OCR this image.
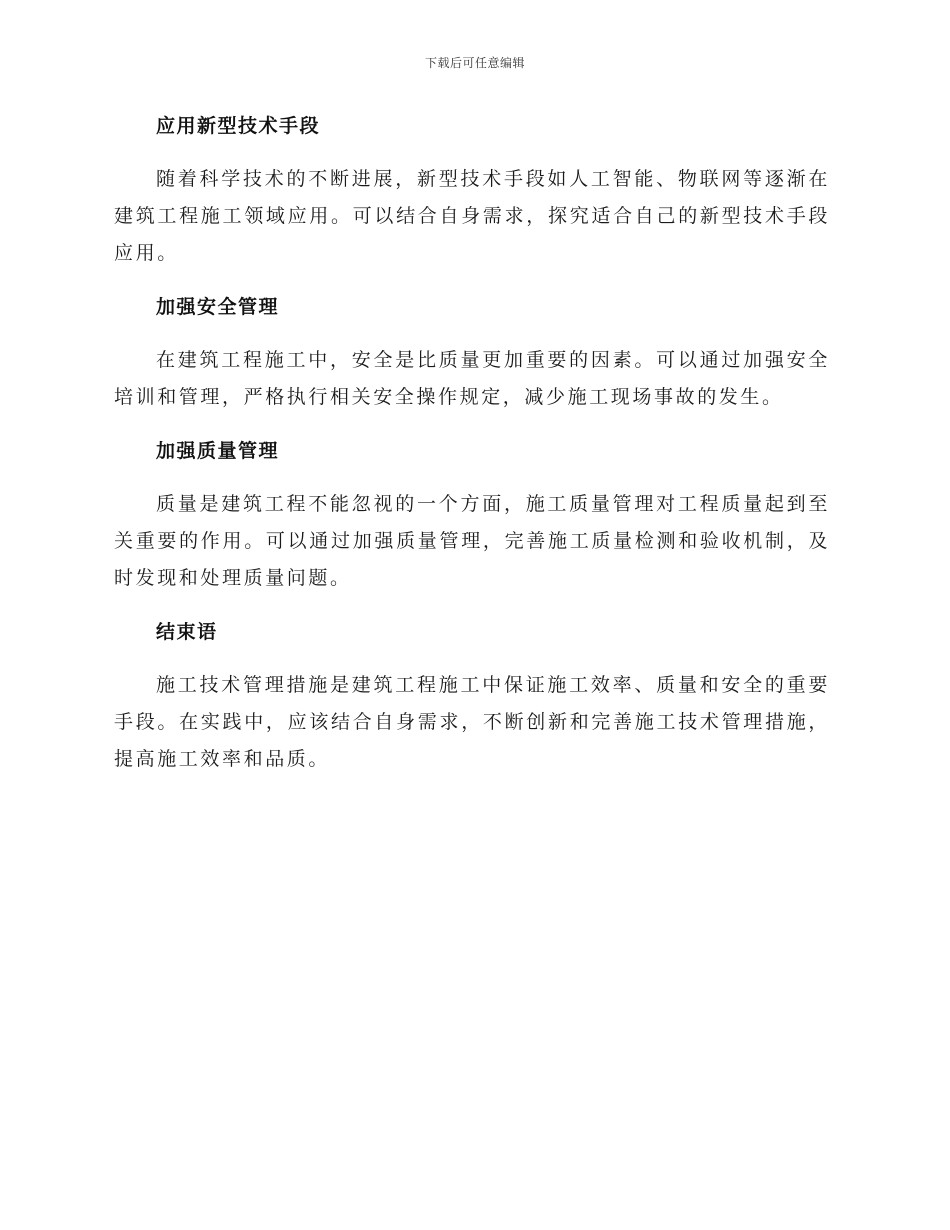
下载后可任意编辑
应用新型技术手段

随着科学技术的不断进展，新型技术手段如人工智能、物联网等逐渐在建筑工程施工领域应用。可以结合自身需求，探究适合自己的新型技术手段应用。

加强安全管理

在建筑工程施工中，安全是比质量更加重要的因素。可以通过加强安全培训和管理，严格执行相关安全操作规定，减少施工现场事故的发生。

加强质量管理

质量是建筑工程不能忽视的一个方面，施工质量管理对工程质量起到至关重要的作用。可以通过加强质量管理，完善施工质量检测和验收机制，及时发现和处理质量问题。

结束语

施工技术管理措施是建筑工程施工中保证施工效率、质量和安全的重要手段。在实践中，应该结合自身需求，不断创新和完善施工技术管理措施，提高施工效率和品质。
